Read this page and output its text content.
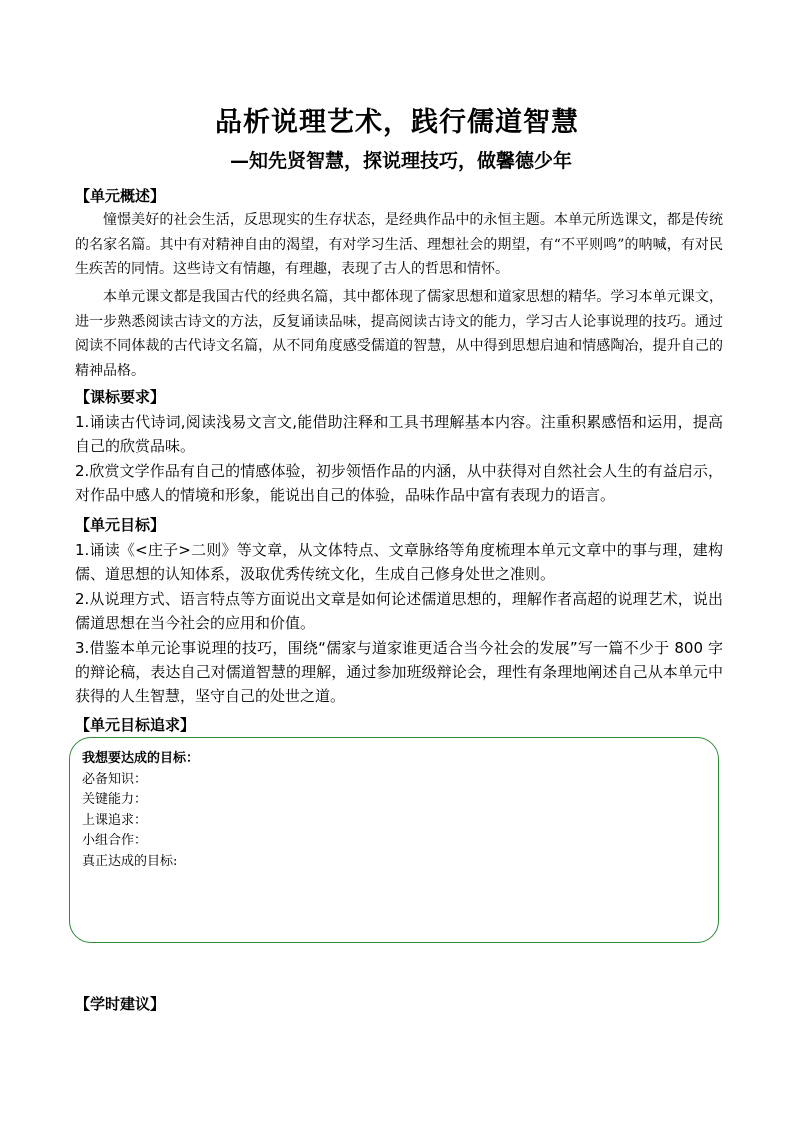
品析说理艺术，践行儒道智慧
—知先贤智慧，探说理技巧，做馨德少年
【单元概述】
憧憬美好的社会生活，反思现实的生存状态，是经典作品中的永恒主题。本单元所选课文，都是传统的名家名篇。其中有对精神自由的渴望，有对学习生活、理想社会的期望，有“不平则鸣”的呐喊，有对民生疾苦的同情。这些诗文有情趣，有理趣，表现了古人的哲思和情怀。
本单元课文都是我国古代的经典名篇，其中都体现了儒家思想和道家思想的精华。学习本单元课文，进一步熟悉阅读古诗文的方法，反复诵读品味，提高阅读古诗文的能力，学习古人论事说理的技巧。通过阅读不同体裁的古代诗文名篇，从不同角度感受儒道的智慧，从中得到思想启迪和情感陶冶，提升自己的精神品格。
【课标要求】
1.诵读古代诗词,阅读浅易文言文,能借助注释和工具书理解基本内容。注重积累感悟和运用，提高自己的欣赏品味。
2.欣赏文学作品有自己的情感体验，初步领悟作品的内涵，从中获得对自然社会人生的有益启示，对作品中感人的情境和形象，能说出自己的体验，品味作品中富有表现力的语言。
【单元目标】
1.诵读《<庄子>二则》等文章，从文体特点、文章脉络等角度梳理本单元文章中的事与理，建构儒、道思想的认知体系，汲取优秀传统文化，生成自己修身处世之准则。
2.从说理方式、语言特点等方面说出文章是如何论述儒道思想的，理解作者高超的说理艺术，说出儒道思想在当今社会的应用和价值。
3.借鉴本单元论事说理的技巧，围绕“儒家与道家谁更适合当今社会的发展”写一篇不少于 800 字的辩论稿，表达自己对儒道智慧的理解，通过参加班级辩论会，理性有条理地阐述自己从本单元中获得的人生智慧，坚守自己的处世之道。
【单元目标追求】
我想要达成的目标：
必备知识：
关键能力：
上课追求：
小组合作：
真正达成的目标:
【学时建议】
